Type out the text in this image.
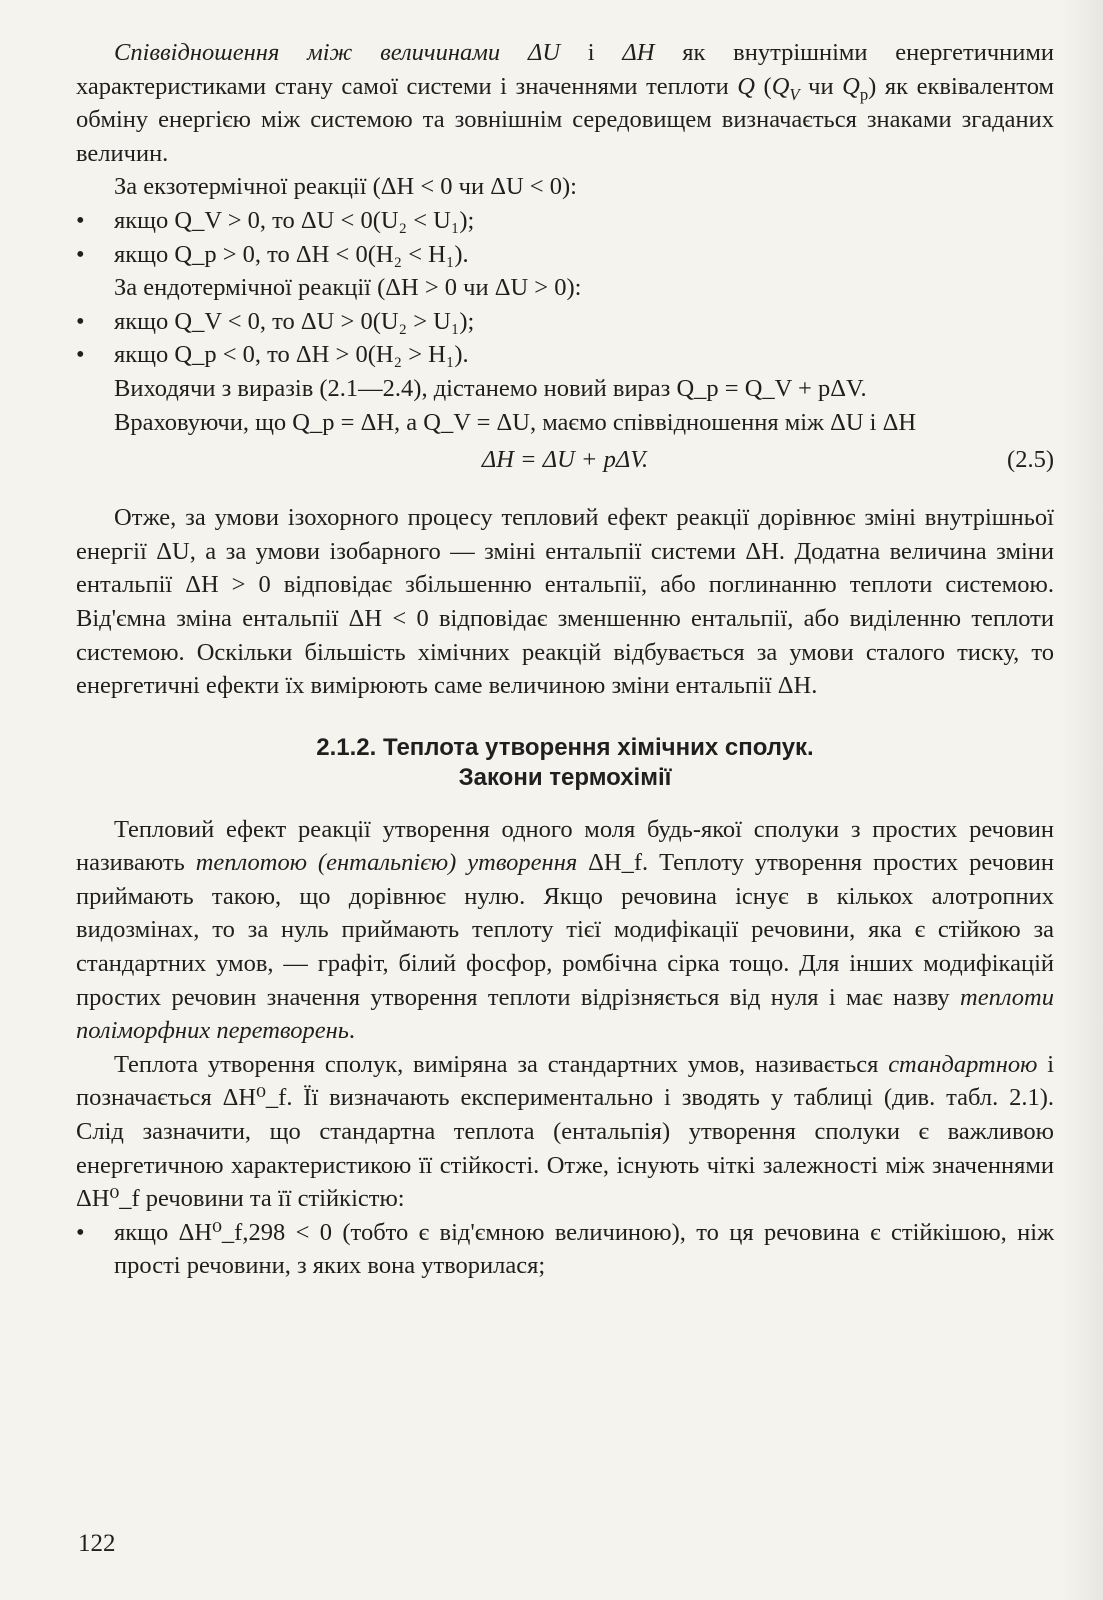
Співвідношення між величинами ΔU і ΔH як внутрішніми енергетичними характеристиками стану самої системи і значеннями теплоти Q ($Q_V$ чи $Q_p$) як еквівалентом обміну енергією між системою та зовнішнім середовищем визначається знаками згаданих величин.

За екзотермічної реакції (ΔH < 0 чи ΔU < 0):

• якщо Q_V > 0, то ΔU < 0(U₂ < U₁);
• якщо Q_p > 0, то ΔH < 0(H₂ < H₁).

За ендотермічної реакції (ΔH > 0 чи ΔU > 0):

• якщо Q_V < 0, то ΔU > 0(U₂ > U₁);
• якщо Q_p < 0, то ΔH > 0(H₂ > H₁).

Виходячи з виразів (2.1—2.4), дістанемо новий вираз Q_p = Q_V + pΔV.

Враховуючи, що Q_p = ΔH, а Q_V = ΔU, маємо співвідношення між ΔU і ΔH

ΔH = ΔU + pΔV.	(2.5)

Отже, за умови ізохорного процесу тепловий ефект реакції дорівнює зміні внутрішньої енергії ΔU, а за умови ізобарного — зміні ентальпії системи ΔH. Додатна величина зміни ентальпії ΔH > 0 відповідає збільшенню ентальпії, або поглинанню теплоти системою. Від'ємна зміна ентальпії ΔH < 0 відповідає зменшенню ентальпії, або виділенню теплоти системою. Оскільки більшість хімічних реакцій відбувається за умови сталого тиску, то енергетичні ефекти їх вимірюють саме величиною зміни ентальпії ΔH.

2.1.2. Теплота утворення хімічних сполук.
Закони термохімії

Тепловий ефект реакції утворення одного моля будь-якої сполуки з простих речовин називають теплотою (ентальпією) утворення ΔH_f. Теплоту утворення простих речовин приймають такою, що дорівнює нулю. Якщо речовина існує в кількох алотропних видозмінах, то за нуль приймають теплоту тієї модифікації речовини, яка є стійкою за стандартних умов, — графіт, білий фосфор, ромбічна сірка тощо. Для інших модифікацій простих речовин значення утворення теплоти відрізняється від нуля і має назву теплоти поліморфних перетворень.

Теплота утворення сполук, виміряна за стандартних умов, називається стандартною і позначається ΔH⁰_f. Її визначають експериментально і зводять у таблиці (див. табл. 2.1). Слід зазначити, що стандартна теплота (ентальпія) утворення сполуки є важливою енергетичною характеристикою її стійкості. Отже, існують чіткі залежності між значеннями ΔH⁰_f речовини та її стійкістю:

• якщо ΔH⁰_f,298 < 0 (тобто є від'ємною величиною), то ця речовина є стійкішою, ніж прості речовини, з яких вона утворилася;
122
